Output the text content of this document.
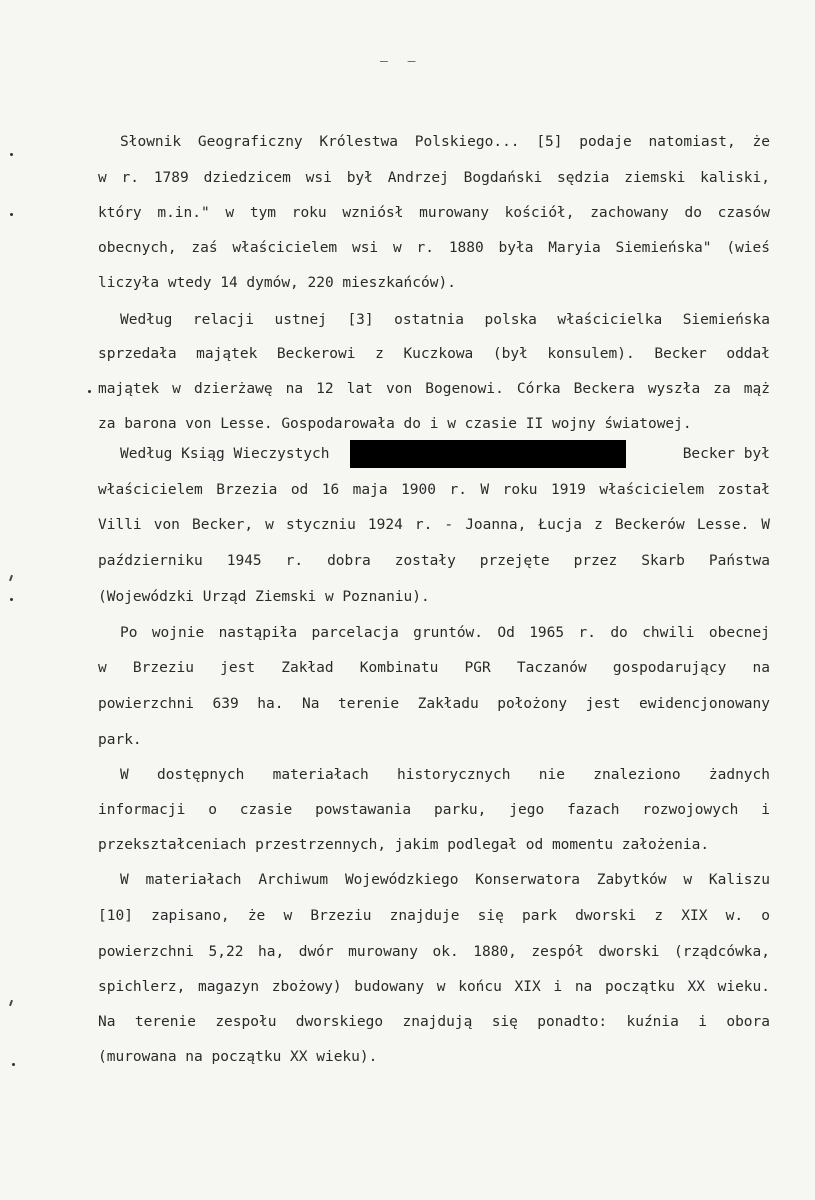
– –
Słownik Geograficzny Królestwa Polskiego... [5] podaje natomiast, że
w r. 1789 dziedzicem wsi był Andrzej Bogdański sędzia ziemski kaliski,
który m.in." w tym roku wzniósł murowany kościół, zachowany do czasów
obecnych, zaś właścicielem wsi w r. 1880 była Maryia Siemieńska" (wieś
liczyła wtedy 14 dymów, 220 mieszkańców).
Według relacji ustnej [3] ostatnia polska właścicielka Siemieńska
sprzedała majątek Beckerowi z Kuczkowa (był konsulem). Becker oddał
majątek w dzierżawę na 12 lat von Bogenowi. Córka Beckera wyszła za mąż
za barona von Lesse. Gospodarowała do i w czasie II wojny światowej.
Według Ksiąg Wieczystych	Becker był
właścicielem Brzezia od 16 maja 1900 r. W roku 1919 właścicielem został
Villi von Becker, w styczniu 1924 r. - Joanna, Łucja z Beckerów Lesse. W
październiku 1945 r. dobra zostały przejęte przez Skarb Państwa
(Wojewódzki Urząd Ziemski w Poznaniu).
Po wojnie nastąpiła parcelacja gruntów. Od 1965 r. do chwili obecnej
w Brzeziu jest Zakład Kombinatu PGR Taczanów gospodarujący na
powierzchni 639 ha. Na terenie Zakładu położony jest ewidencjonowany
park.
W dostępnych materiałach historycznych nie znaleziono żadnych
informacji o czasie powstawania parku, jego fazach rozwojowych i
przekształceniach przestrzennych, jakim podlegał od momentu założenia.
W materiałach Archiwum Wojewódzkiego Konserwatora Zabytków w Kaliszu
[10] zapisano, że w Brzeziu znajduje się park dworski z XIX w. o
powierzchni 5,22 ha, dwór murowany ok. 1880, zespół dworski (rządcówka,
spichlerz, magazyn zbożowy) budowany w końcu XIX i na początku XX wieku.
Na terenie zespołu dworskiego znajdują się ponadto: kuźnia i obora
(murowana na początku XX wieku).
